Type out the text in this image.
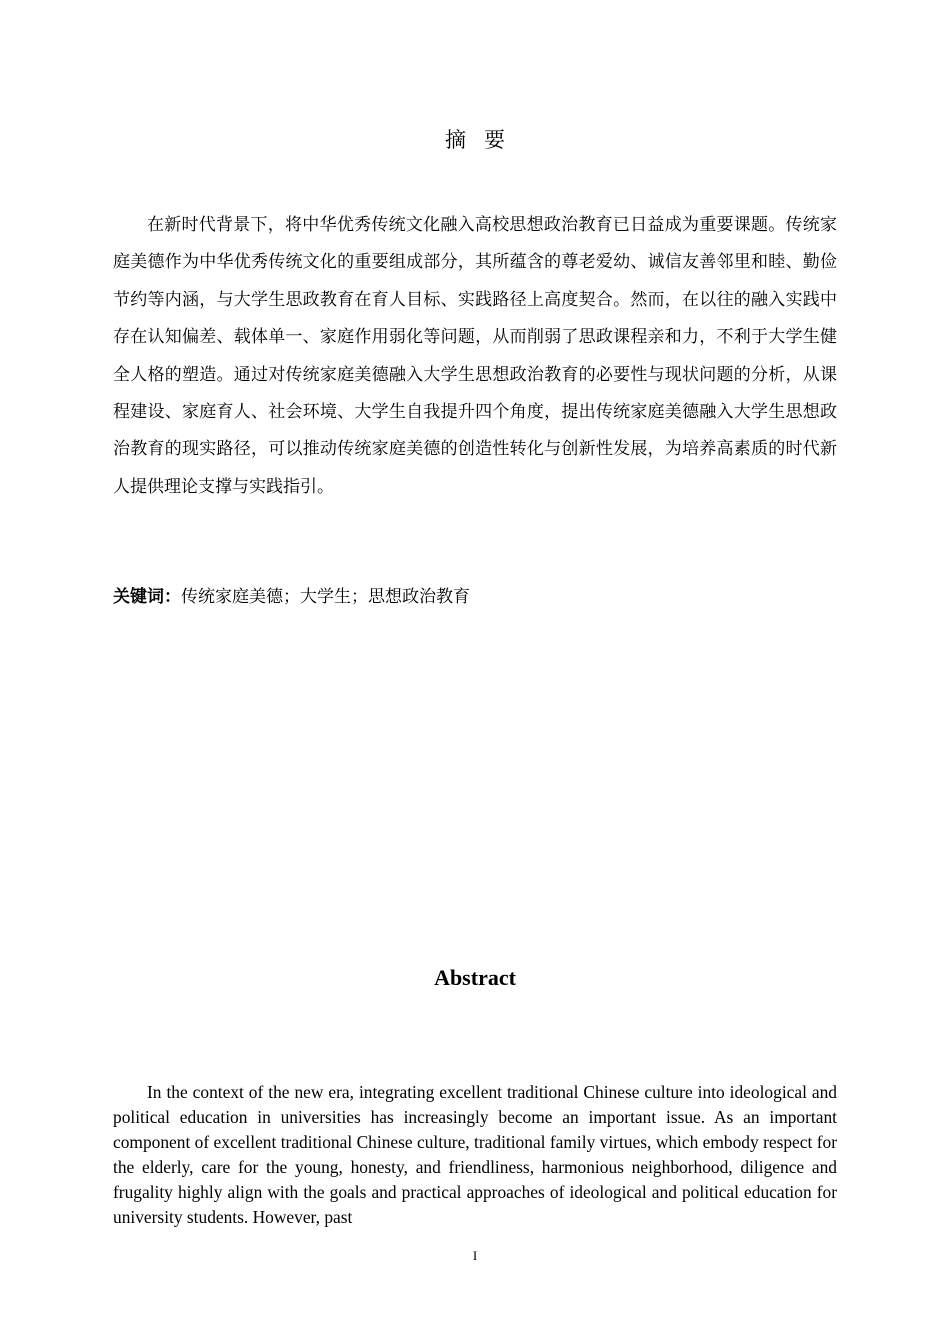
摘要

在新时代背景下，将中华优秀传统文化融入高校思想政治教育已日益成为重要课题。传统家庭美德作为中华优秀传统文化的重要组成部分，其所蕴含的尊老爱幼、诚信友善邻里和睦、勤俭节约等内涵，与大学生思政教育在育人目标、实践路径上高度契合。然而，在以往的融入实践中存在认知偏差、载体单一、家庭作用弱化等问题，从而削弱了思政课程亲和力，不利于大学生健全人格的塑造。通过对传统家庭美德融入大学生思想政治教育的必要性与现状问题的分析，从课程建设、家庭育人、社会环境、大学生自我提升四个角度，提出传统家庭美德融入大学生思想政治教育的现实路径，可以推动传统家庭美德的创造性转化与创新性发展，为培养高素质的时代新人提供理论支撑与实践指引。

关键词：传统家庭美德；大学生；思想政治教育
Abstract

In the context of the new era, integrating excellent traditional Chinese culture into ideological and political education in universities has increasingly become an important issue. As an important component of excellent traditional Chinese culture, traditional family virtues, which embody respect for the elderly, care for the young, honesty, and friendliness, harmonious neighborhood, diligence and frugality highly align with the goals and practical approaches of ideological and political education for university students. However, past

I
